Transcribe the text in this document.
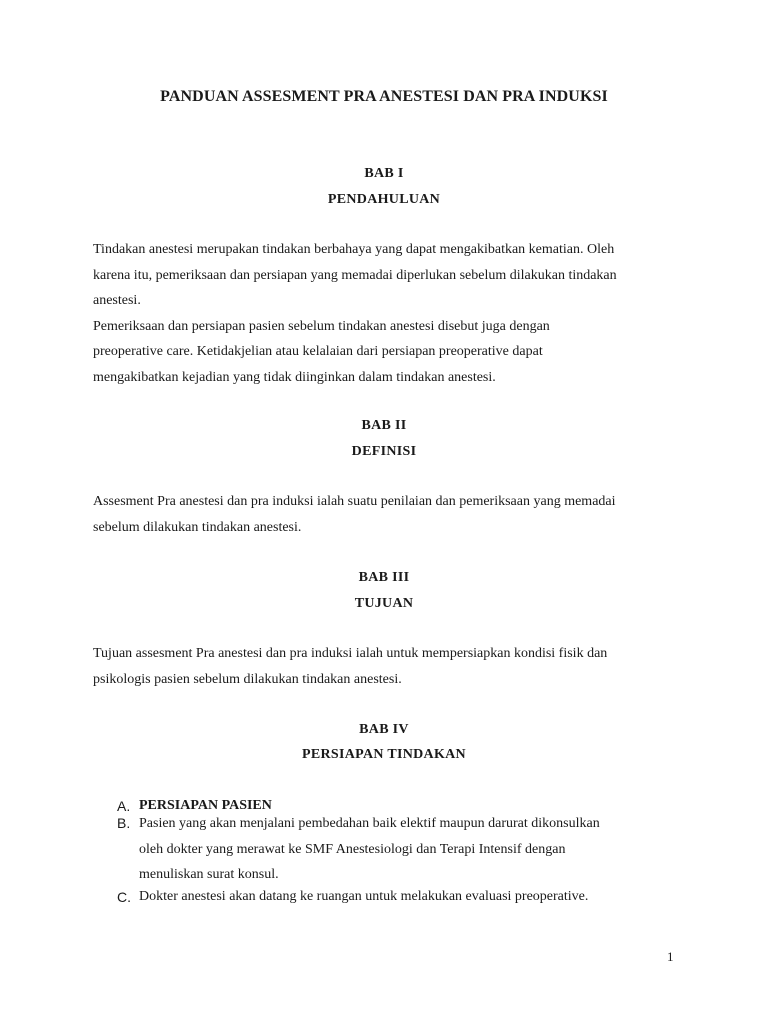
PANDUAN ASSESMENT PRA ANESTESI DAN PRA INDUKSI
BAB I
PENDAHULUAN
Tindakan anestesi merupakan tindakan berbahaya yang dapat mengakibatkan kematian. Oleh
karena itu, pemeriksaan dan persiapan yang memadai diperlukan sebelum dilakukan tindakan
anestesi.
Pemeriksaan dan persiapan pasien sebelum tindakan anestesi disebut juga dengan
preoperative care. Ketidakjelian atau kelalaian dari persiapan preoperative dapat
mengakibatkan kejadian yang tidak diinginkan dalam tindakan anestesi.
BAB II
DEFINISI
Assesment Pra anestesi dan pra induksi ialah suatu penilaian dan pemeriksaan yang memadai
sebelum dilakukan tindakan anestesi.
BAB III
TUJUAN
Tujuan assesment Pra anestesi dan pra induksi ialah untuk mempersiapkan kondisi fisik dan
psikologis pasien sebelum dilakukan tindakan anestesi.
BAB IV
PERSIAPAN TINDAKAN
A. PERSIAPAN PASIEN
B. Pasien yang akan menjalani pembedahan baik elektif maupun darurat dikonsulkan
oleh dokter yang merawat ke SMF Anestesiologi dan Terapi Intensif dengan
menuliskan surat konsul.
C. Dokter anestesi akan datang ke ruangan untuk melakukan evaluasi preoperative.
1
